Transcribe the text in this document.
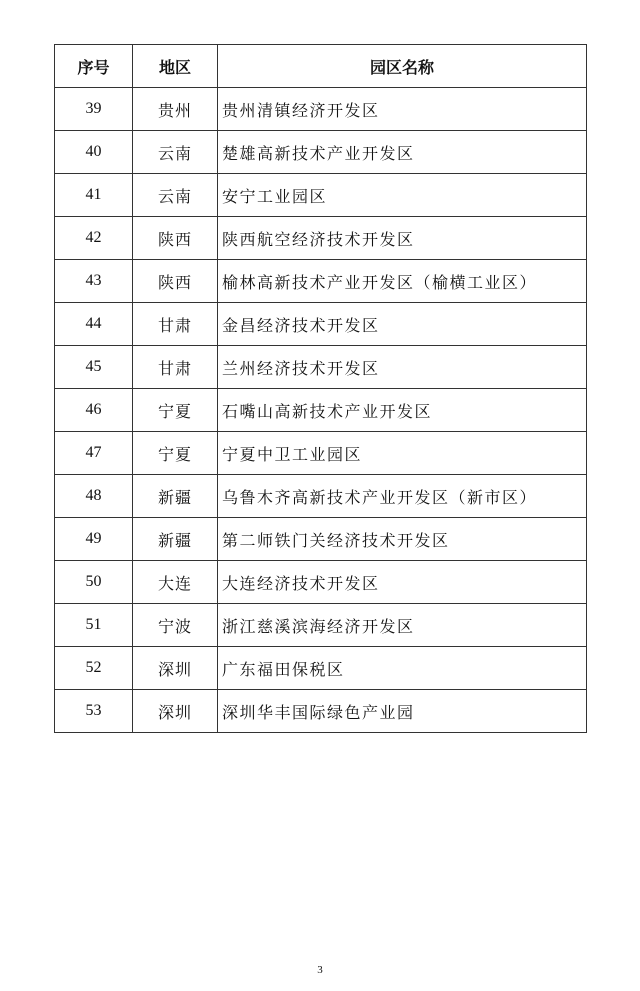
序号	地区	园区名称
39	贵州	贵州清镇经济开发区
40	云南	楚雄高新技术产业开发区
41	云南	安宁工业园区
42	陕西	陕西航空经济技术开发区
43	陕西	榆林高新技术产业开发区（榆横工业区）
44	甘肃	金昌经济技术开发区
45	甘肃	兰州经济技术开发区
46	宁夏	石嘴山高新技术产业开发区
47	宁夏	宁夏中卫工业园区
48	新疆	乌鲁木齐高新技术产业开发区（新市区）
49	新疆	第二师铁门关经济技术开发区
50	大连	大连经济技术开发区
51	宁波	浙江慈溪滨海经济开发区
52	深圳	广东福田保税区
53	深圳	深圳华丰国际绿色产业园
3
